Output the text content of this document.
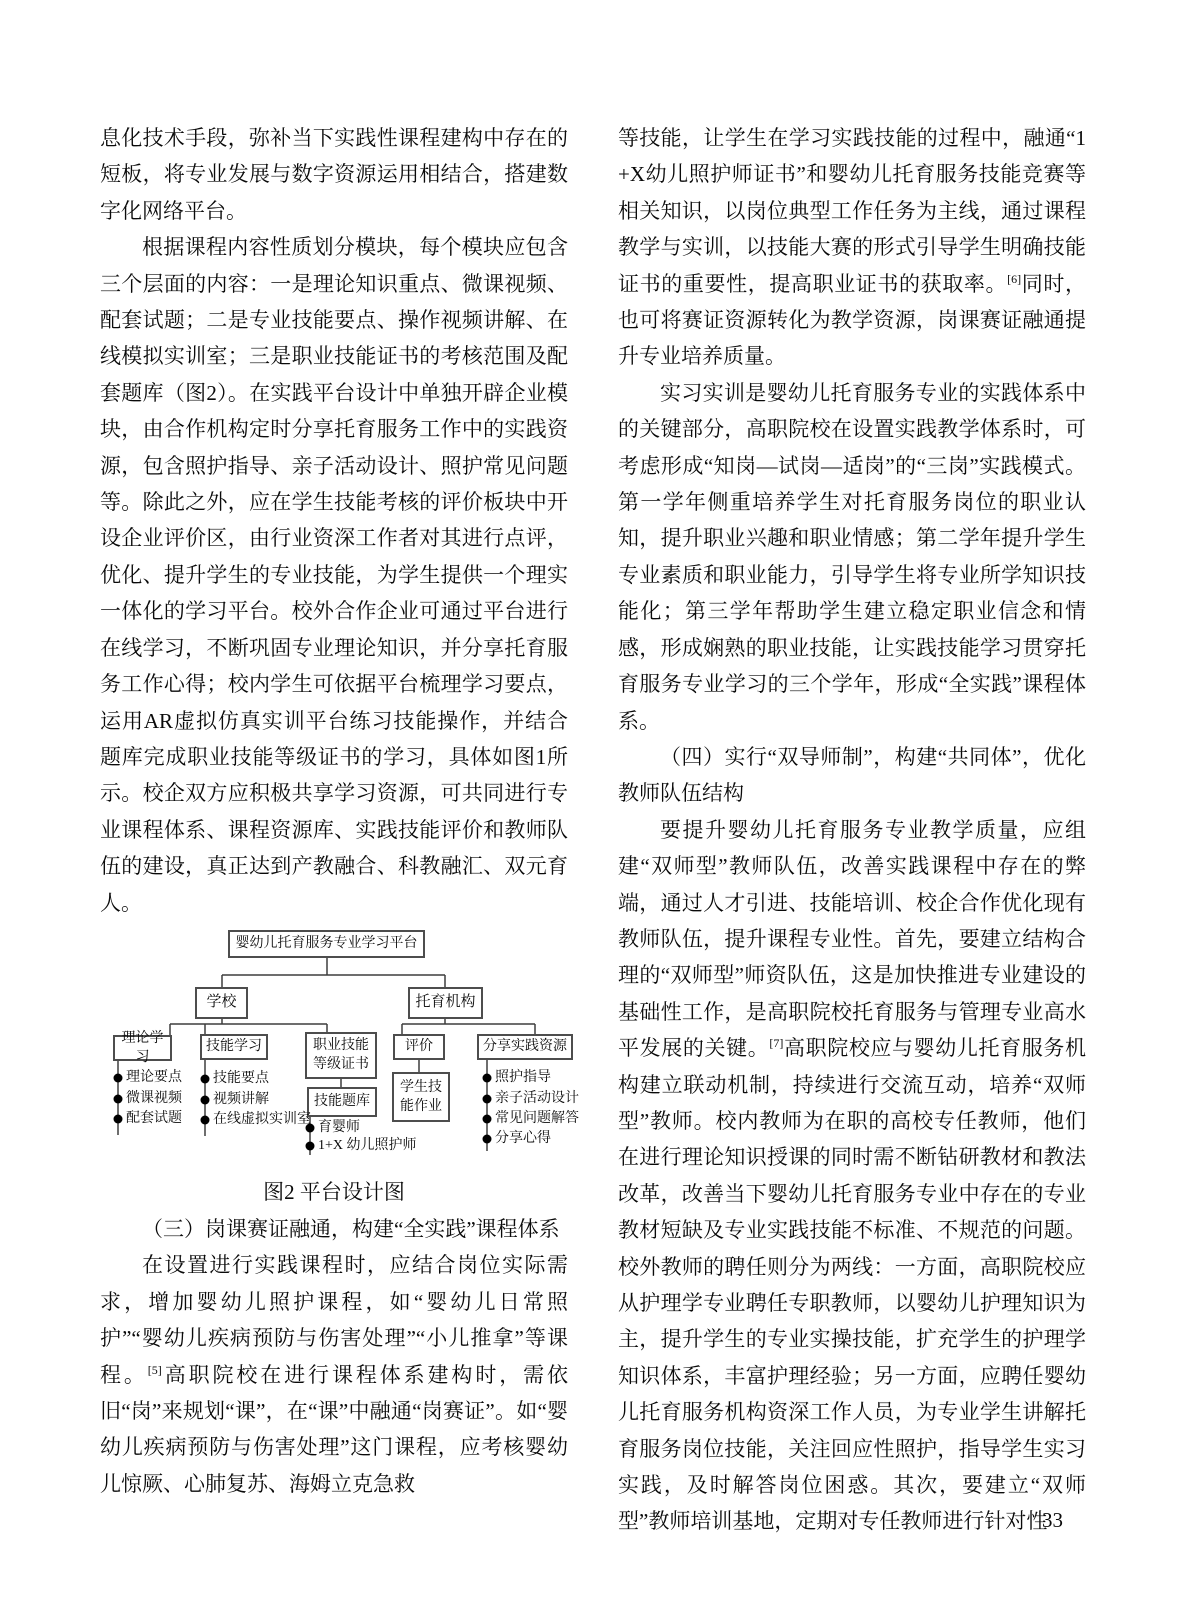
息化技术手段，弥补当下实践性课程建构中存在的短板，将专业发展与数字资源运用相结合，搭建数字化网络平台。

根据课程内容性质划分模块，每个模块应包含三个层面的内容：一是理论知识重点、微课视频、配套试题；二是专业技能要点、操作视频讲解、在线模拟实训室；三是职业技能证书的考核范围及配套题库（图2）。在实践平台设计中单独开辟企业模块，由合作机构定时分享托育服务工作中的实践资源，包含照护指导、亲子活动设计、照护常见问题等。除此之外，应在学生技能考核的评价板块中开设企业评价区，由行业资深工作者对其进行点评，优化、提升学生的专业技能，为学生提供一个理实一体化的学习平台。校外合作企业可通过平台进行在线学习，不断巩固专业理论知识，并分享托育服务工作心得；校内学生可依据平台梳理学习要点，运用AR虚拟仿真实训平台练习技能操作，并结合题库完成职业技能等级证书的学习，具体如图1所示。校企双方应积极共享学习资源，可共同进行专业课程体系、课程资源库、实践技能评价和教师队伍的建设，真正达到产教融合、科教融汇、双元育人。

婴幼儿托育服务专业学习平台
学校	托育机构
理论学习
技能学习	职业技能等级证书
评价	分享实践资源
技能题库
学生技能作业
理论要点
微课视频
配套试题
技能要点
视频讲解
在线虚拟实训室
育婴师
1+X 幼儿照护师
照护指导
亲子活动设计
常见问题解答
分享心得

图2 平台设计图

（三）岗课赛证融通，构建“全实践”课程体系

在设置进行实践课程时，应结合岗位实际需求，增加婴幼儿照护课程，如“婴幼儿日常照护”“婴幼儿疾病预防与伤害处理”“小儿推拿”等课程。[5]高职院校在进行课程体系建构时，需依旧“岗”来规划“课”，在“课”中融通“岗赛证”。如“婴幼儿疾病预防与伤害处理”这门课程，应考核婴幼儿惊厥、心肺复苏、海姆立克急救

等技能，让学生在学习实践技能的过程中，融通“1+X幼儿照护师证书”和婴幼儿托育服务技能竞赛等相关知识，以岗位典型工作任务为主线，通过课程教学与实训，以技能大赛的形式引导学生明确技能证书的重要性，提高职业证书的获取率。[6]同时，也可将赛证资源转化为教学资源，岗课赛证融通提升专业培养质量。

实习实训是婴幼儿托育服务专业的实践体系中的关键部分，高职院校在设置实践教学体系时，可考虑形成“知岗—试岗—适岗”的“三岗”实践模式。第一学年侧重培养学生对托育服务岗位的职业认知，提升职业兴趣和职业情感；第二学年提升学生专业素质和职业能力，引导学生将专业所学知识技能化；第三学年帮助学生建立稳定职业信念和情感，形成娴熟的职业技能，让实践技能学习贯穿托育服务专业学习的三个学年，形成“全实践”课程体系。

（四）实行“双导师制”，构建“共同体”，优化教师队伍结构

要提升婴幼儿托育服务专业教学质量，应组建“双师型”教师队伍，改善实践课程中存在的弊端，通过人才引进、技能培训、校企合作优化现有教师队伍，提升课程专业性。首先，要建立结构合理的“双师型”师资队伍，这是加快推进专业建设的基础性工作，是高职院校托育服务与管理专业高水平发展的关键。[7]高职院校应与婴幼儿托育服务机构建立联动机制，持续进行交流互动，培养“双师型”教师。校内教师为在职的高校专任教师，他们在进行理论知识授课的同时需不断钻研教材和教法改革，改善当下婴幼儿托育服务专业中存在的专业教材短缺及专业实践技能不标准、不规范的问题。校外教师的聘任则分为两线：一方面，高职院校应从护理学专业聘任专职教师，以婴幼儿护理知识为主，提升学生的专业实操技能，扩充学生的护理学知识体系，丰富护理经验；另一方面，应聘任婴幼儿托育服务机构资深工作人员，为专业学生讲解托育服务岗位技能，关注回应性照护，指导学生实习实践，及时解答岗位困惑。其次，要建立“双师型”教师培训基地，定期对专任教师进行针对性

33
